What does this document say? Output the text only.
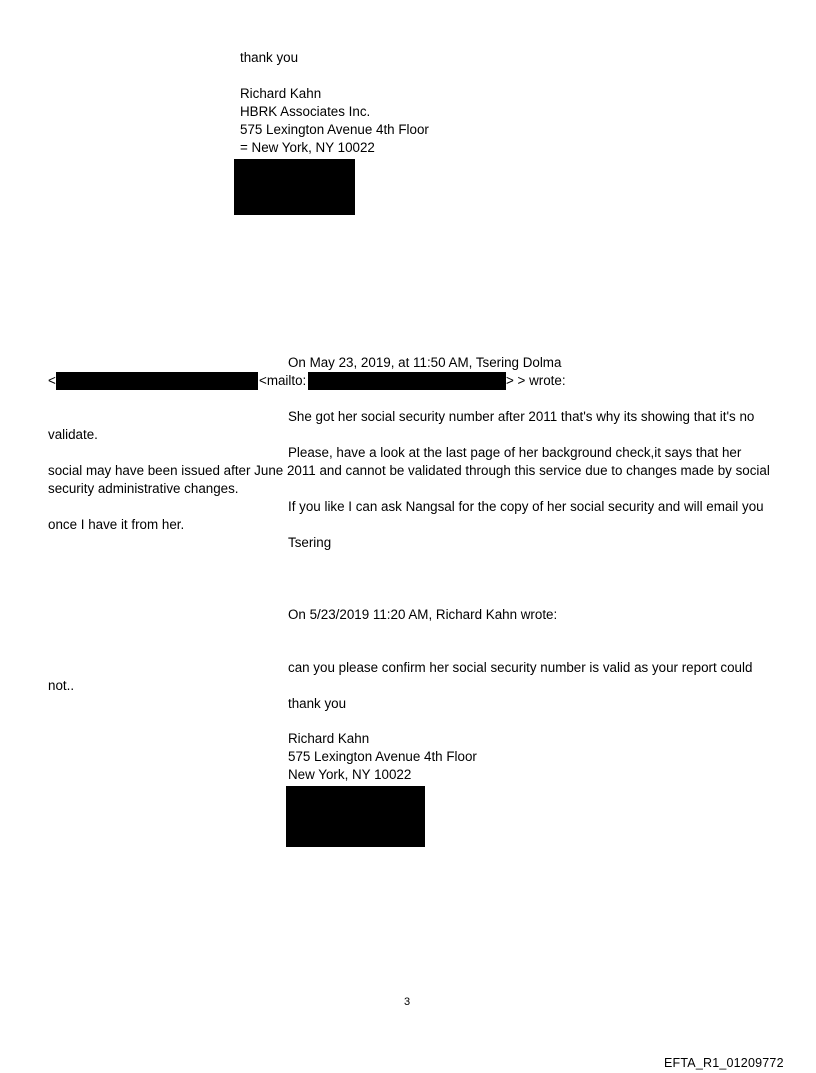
thank you
Richard Kahn
HBRK Associates Inc.
575 Lexington Avenue 4th Floor
= New York, NY 10022
On May 23, 2019, at 11:50 AM, Tsering Dolma
<	<mailto:	> > wrote:
She got her social security number after 2011 that's why its showing that it's no
validate.
Please, have a look at the last page of her background check,it says that her
social may have been issued after June 2011 and cannot be validated through this service due to changes made by social
security administrative changes.
If you like I can ask Nangsal for the copy of her social security and will email you
once I have it from her.
Tsering
On 5/23/2019 11:20 AM, Richard Kahn wrote:
can you please confirm her social security number is valid as your report could
not..
thank you
Richard Kahn
575 Lexington Avenue 4th Floor
New York, NY 10022
3
EFTA_R1_01209772
